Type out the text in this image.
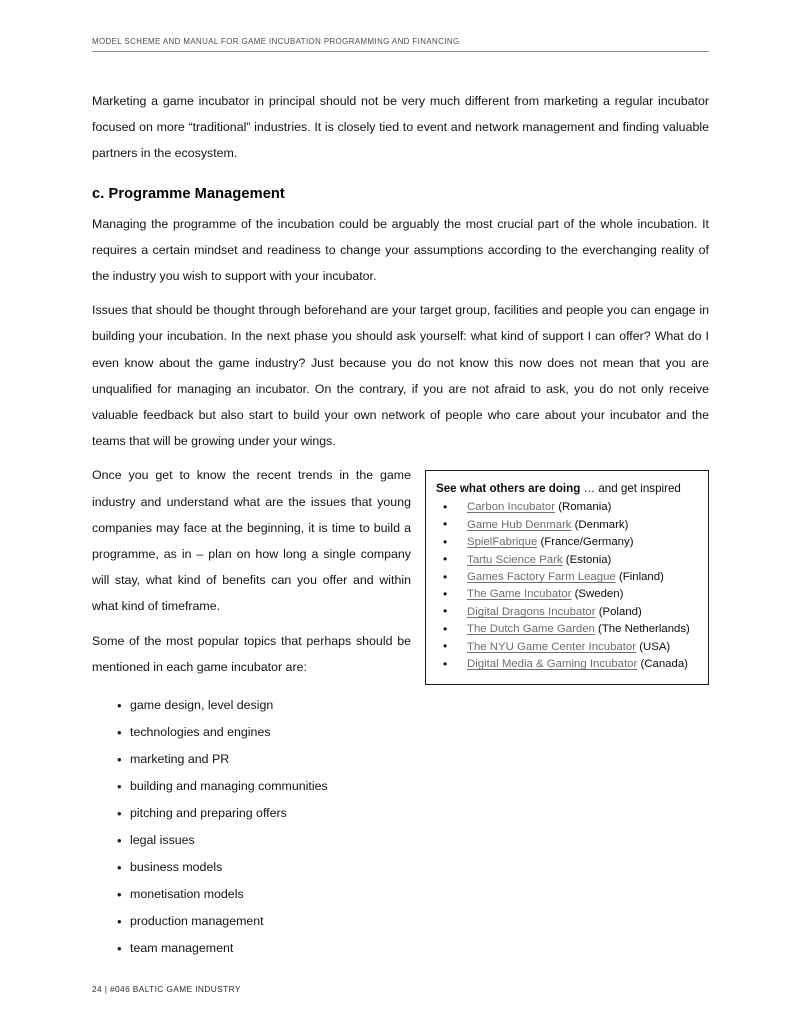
MODEL SCHEME AND MANUAL FOR GAME INCUBATION PROGRAMMING AND FINANCING

Marketing a game incubator in principal should not be very much different from marketing a regular incubator focused on more “traditional” industries. It is closely tied to event and network management and finding valuable partners in the ecosystem.

c. Programme Management

Managing the programme of the incubation could be arguably the most crucial part of the whole incubation. It requires a certain mindset and readiness to change your assumptions according to the everchanging reality of the industry you wish to support with your incubator.

Issues that should be thought through beforehand are your target group, facilities and people you can engage in building your incubation. In the next phase you should ask yourself: what kind of support I can offer? What do I even know about the game industry? Just because you do not know this now does not mean that you are unqualified for managing an incubator. On the contrary, if you are not afraid to ask, you do not only receive valuable feedback but also start to build your own network of people who care about your incubator and the teams that will be growing under your wings.

See what others are doing … and get inspired
• Carbon Incubator (Romania)
• Game Hub Denmark (Denmark)
• SpielFabrique (France/Germany)
• Tartu Science Park (Estonia)
• Games Factory Farm League (Finland)
• The Game Incubator (Sweden)
• Digital Dragons Incubator (Poland)
• The Dutch Game Garden (The Netherlands)
• The NYU Game Center Incubator (USA)
• Digital Media & Gaming Incubator (Canada)

Once you get to know the recent trends in the game industry and understand what are the issues that young companies may face at the beginning, it is time to build a programme, as in – plan on how long a single company will stay, what kind of benefits can you offer and within what kind of timeframe.

Some of the most popular topics that perhaps should be mentioned in each game incubator are:

• game design, level design
• technologies and engines
• marketing and PR
• building and managing communities
• pitching and preparing offers
• legal issues
• business models
• monetisation models
• production management
• team management
24 | #046 BALTIC GAME INDUSTRY
